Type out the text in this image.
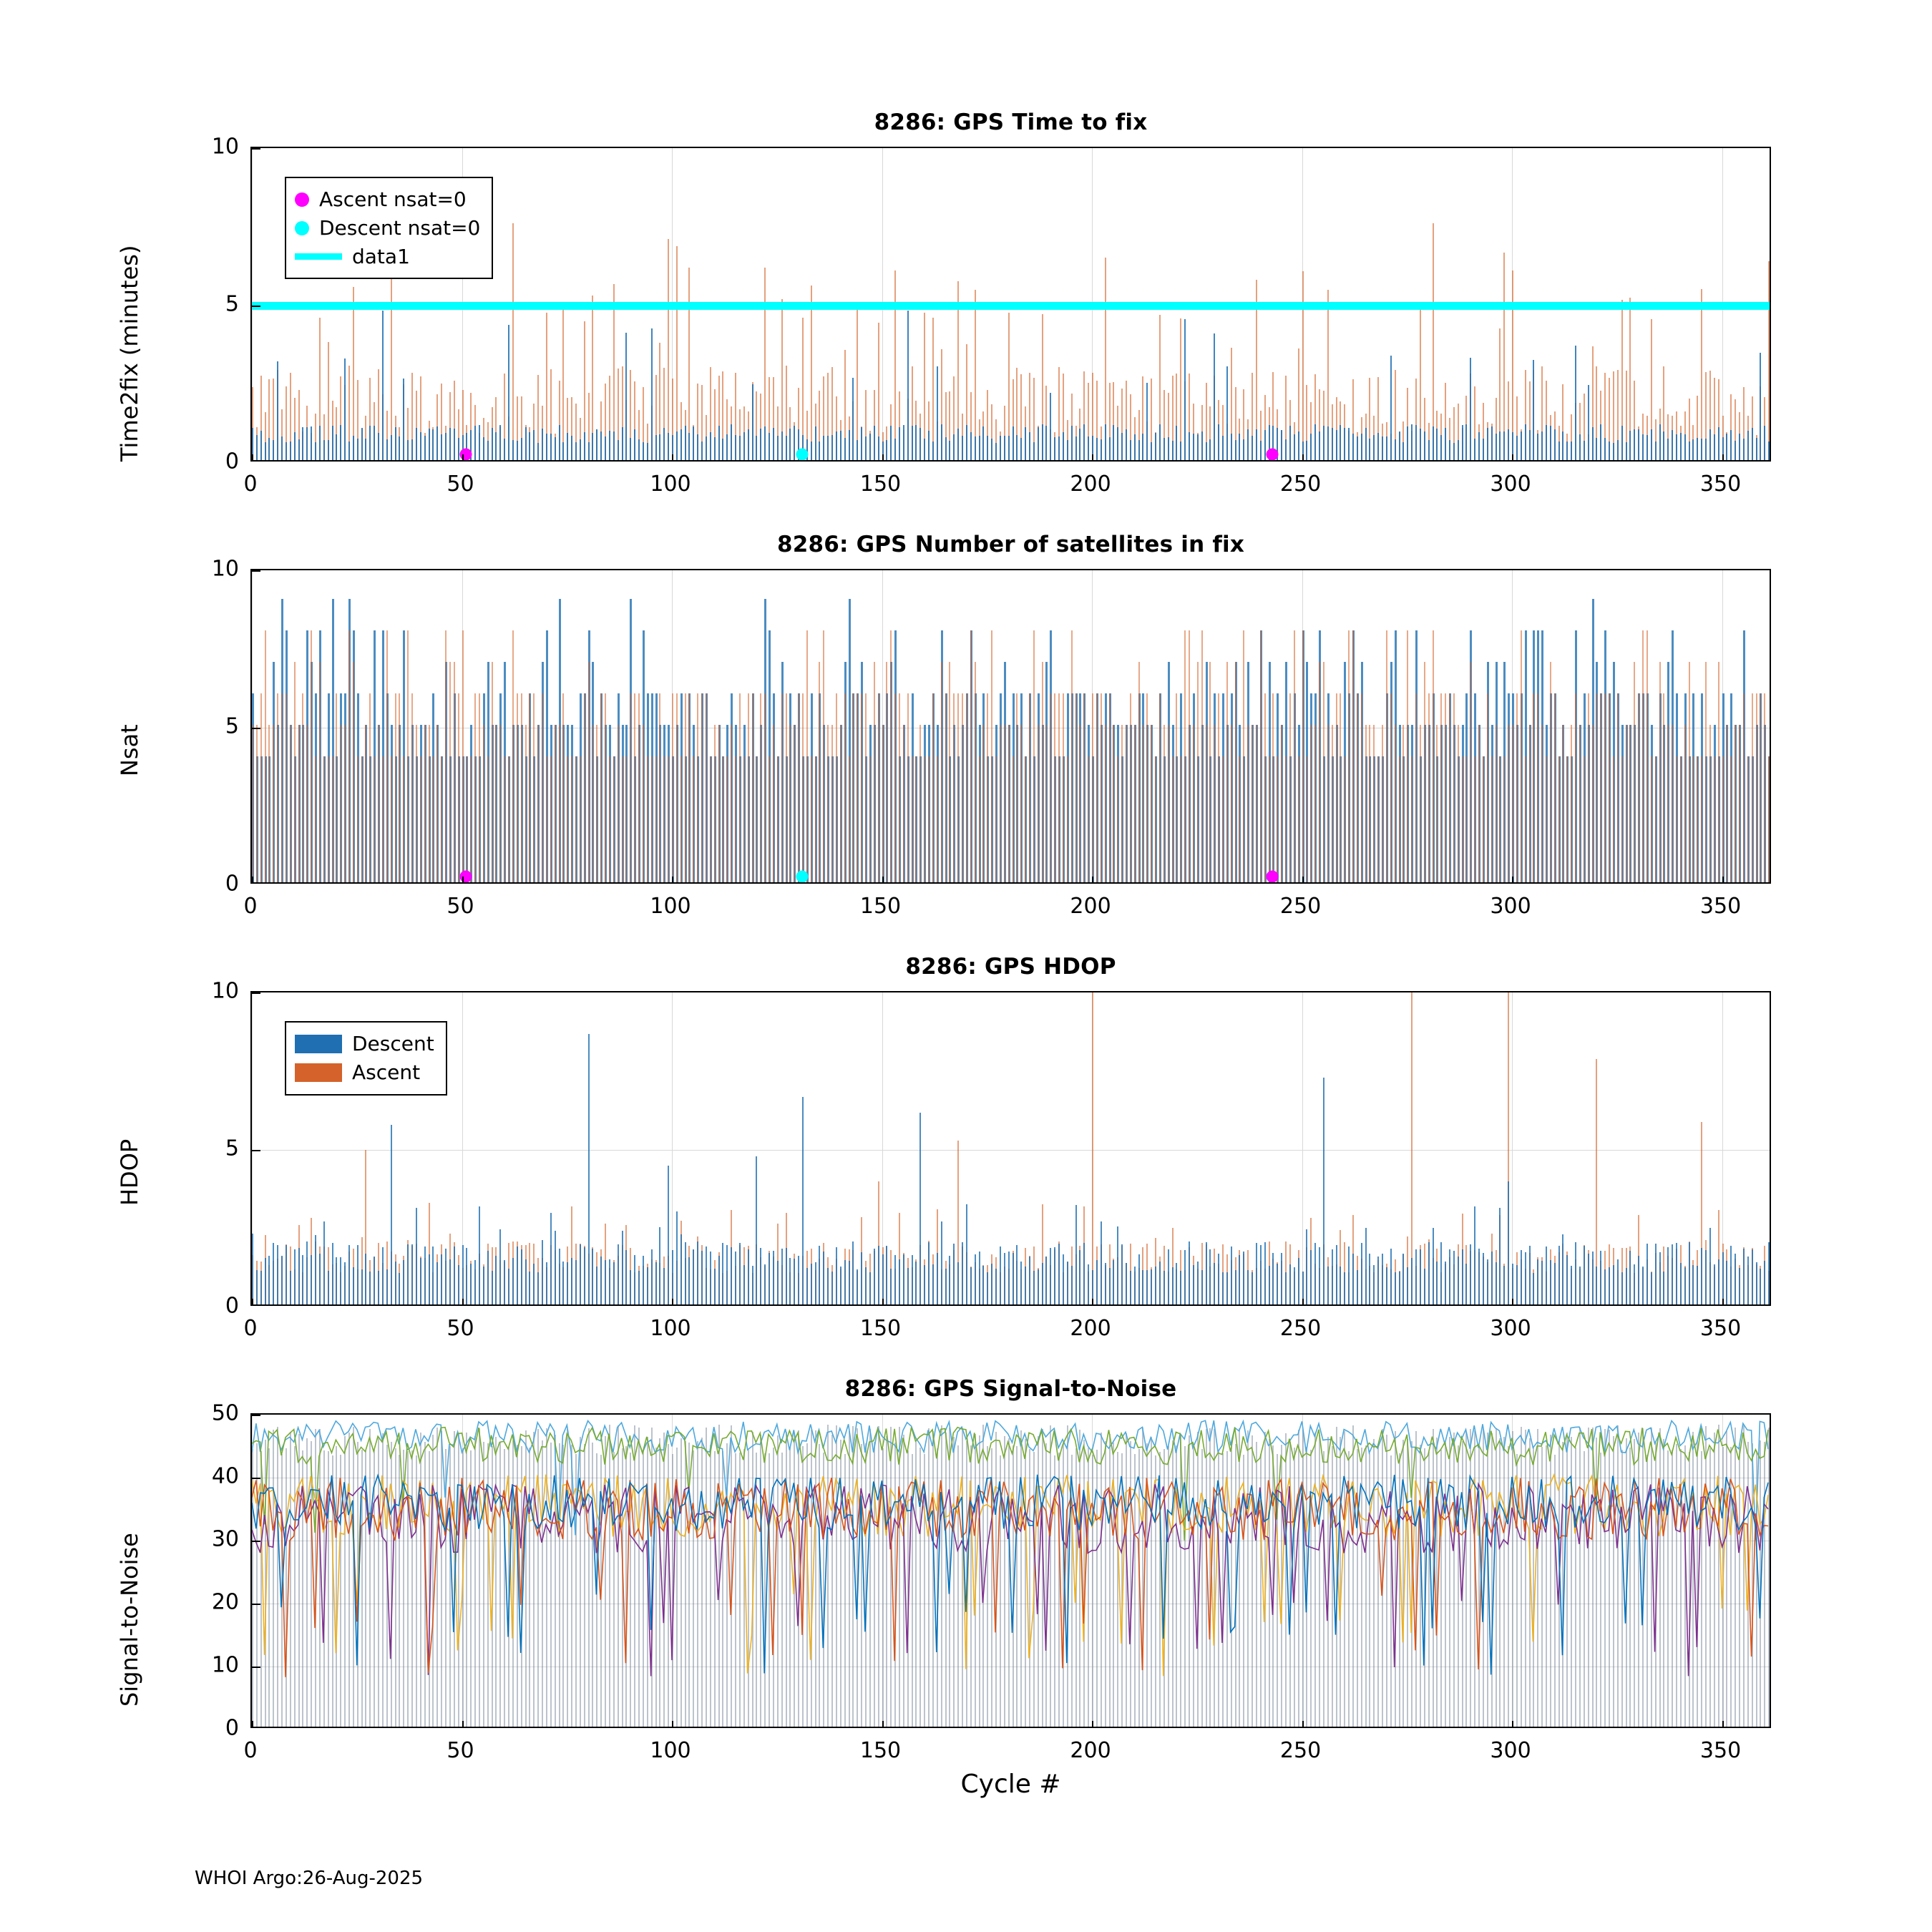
8286: GPS Time to fix
Time2fix (minutes)
Ascent nsat=0
Descent nsat=0
data1
0	50	100	150	200	250	300	350
0
5
10
8286: GPS Number of satellites in fix
Nsat
0	50	100	150	200	250	300	350
0
5
10
8286: GPS HDOP
HDOP
Descent
Ascent
0	50	100	150	200	250	300	350
0
5
10
8286: GPS Signal-to-Noise
Signal-to-Noise
Cycle #
0	50	100	150	200	250	300	350
0
10
20
30
40
50
WHOI Argo:26-Aug-2025
